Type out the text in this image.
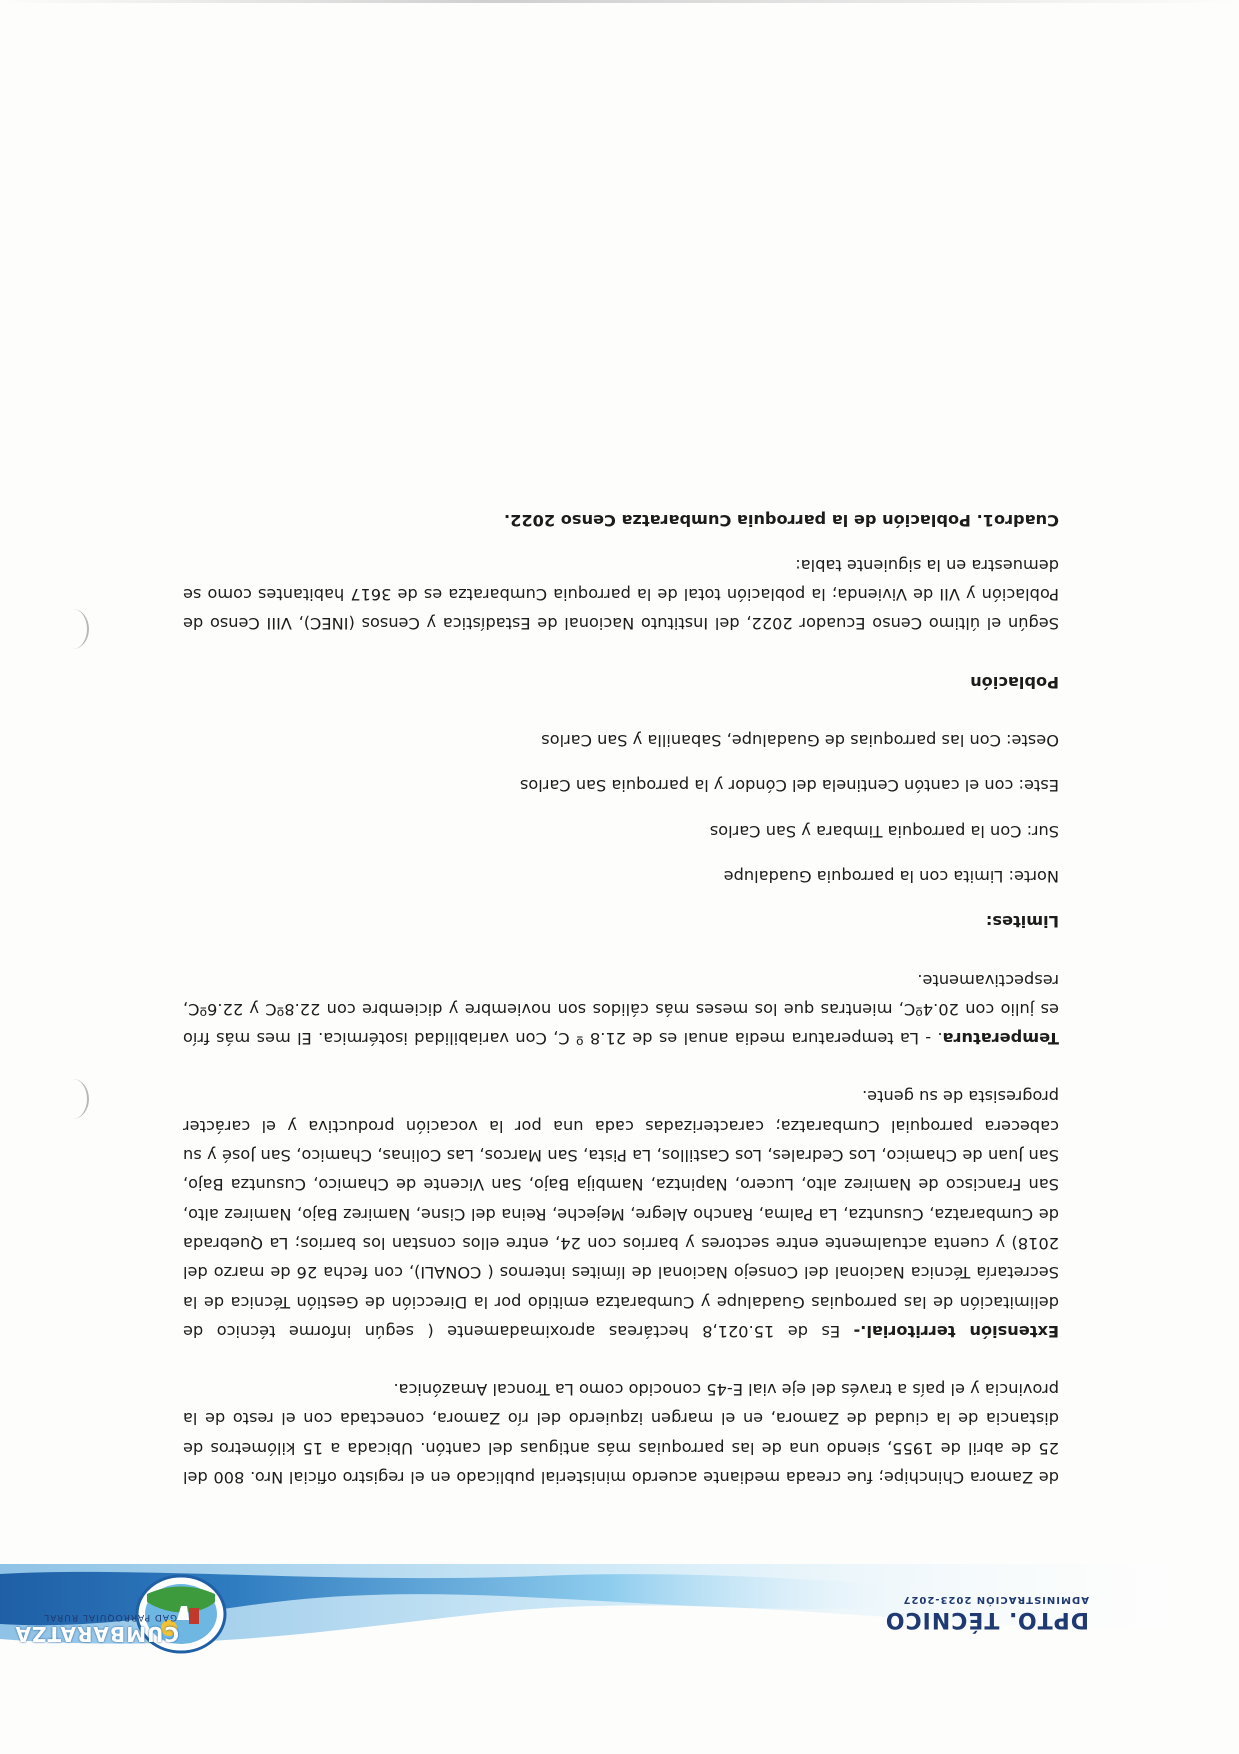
DPTO. TÉCNICO
ADMINISTRACIÓN 2023-2027
CUMBARATZA
GAD PARROQUIAL RURAL

de Zamora Chinchipe; fue creada mediante acuerdo ministerial publicado en el registro oficial Nro. 800 del 25 de abril de 1955, siendo una de las parroquias más antiguas del cantón. Ubicada a 15 kilómetros de distancia de la ciudad de Zamora, en el margen izquierdo del río Zamora, conectada con el resto de la provincia y el país a través del eje vial E-45 conocido como La Troncal Amazónica.

Extensión territorial.- Es de 15.021,8 hectáreas aproximadamente ( según informe técnico de delimitación de las parroquias Guadalupe y Cumbaratza emitido por la Dirección de Gestión Técnica de la Secretaría Técnica Nacional del Consejo Nacional de límites internos ( CONALI), con fecha 26 de marzo del 2018) y cuenta actualmente entre sectores y barrios con 24, entre ellos constan los barrios; La Quebrada de Cumbaratza, Cusuntza, La Palma, Rancho Alegre, Mejeche, Reina del Cisne, Namirez Bajo, Namirez alto, San Francisco de Namirez alto, Lucero, Napintza, Nambija Bajo, San Vicente de Chamico, Cusuntza Bajo, San Juan de Chamico, Los Cedrales, Los Castillos, La Pista, San Marcos, Las Colinas, Chamico, San José y su cabecera parroquial Cumbaratza; caracterizadas cada una por la vocación productiva y el carácter progresista de su gente.

Temperatura. - La temperatura media anual es de 21.8 º C, Con variabilidad isotérmica. El mes más frío es julio con 20.4ºC, mientras que los meses más cálidos son noviembre y diciembre con 22.8ºC y 22.6ºC, respectivamente.

Limites:

Norte: Limita con la parroquia Guadalupe

Sur: Con la parroquia Timbara y San Carlos

Este: con el cantón Centinela del Cóndor y la parroquia San Carlos

Oeste: Con las parroquias de Guadalupe, Sabanilla y San Carlos

Población

Según el último Censo Ecuador 2022, del Instituto Nacional de Estadística y Censos (INEC), VIII Censo de Población y VII de Vivienda; la población total de la parroquia Cumbaratza es de 3617 habitantes como se demuestra en la siguiente tabla:

Cuadro1. Población de la parroquia Cumbaratza Censo 2022.
